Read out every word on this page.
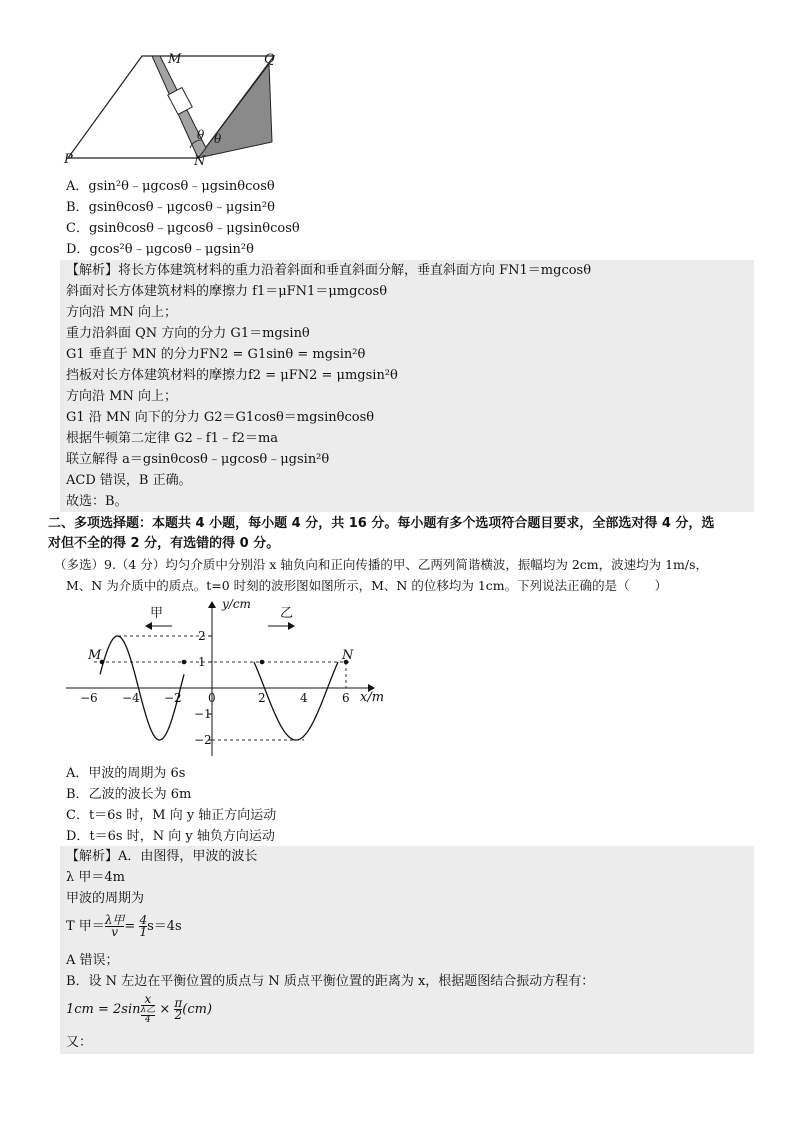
M	Q
P	N
θ θ
A．gsin²θ﹣μgcosθ﹣μgsinθcosθ
B．gsinθcosθ﹣μgcosθ﹣μgsin²θ
C．gsinθcosθ﹣μgcosθ﹣μgsinθcosθ
D．gcos²θ﹣μgcosθ﹣μgsin²θ
【解析】将长方体建筑材料的重力沿着斜面和垂直斜面分解，垂直斜面方向 FN1＝mgcosθ
斜面对长方体建筑材料的摩擦力 f1＝μFN1＝μmgcosθ
方向沿 MN 向上；
重力沿斜面 QN 方向的分力 G1＝mgsinθ
G1 垂直于 MN 的分力FN2 = G1sinθ = mgsin²θ
挡板对长方体建筑材料的摩擦力f2 = μFN2 = μmgsin²θ
方向沿 MN 向上；
G1 沿 MN 向下的分力 G2＝G1cosθ＝mgsinθcosθ
根据牛顿第二定律 G2﹣f1﹣f2＝ma
联立解得 a＝gsinθcosθ﹣μgcosθ﹣μgsin²θ
ACD 错误，B 正确。
故选：B。
二、多项选择题：本题共 4 小题，每小题 4 分，共 16 分。每小题有多个选项符合题目要求，全部选对得 4 分，选
对但不全的得 2 分，有选错的得 0 分。
（多选）9.（4 分）均匀介质中分别沿 x 轴负向和正向传播的甲、乙两列简谐横波，振幅均为 2cm，波速均为 1m/s，
M、N 为介质中的质点。t=0 时刻的波形图如图所示，M、N 的位移均为 1cm。下列说法正确的是（　　）
y/cm
x/m
甲	乙
M	N
−6 −4 −2 0	2	4	6
2
1
−1
−2
A．甲波的周期为 6s
B．乙波的波长为 6m
C．t＝6s 时，M 向 y 轴正方向运动
D．t＝6s 时，N 向 y 轴负方向运动
【解析】A．由图得，甲波的波长
λ 甲＝4m
甲波的周期为
T 甲＝ $\frac{\text{λ甲}}{v} = \frac{4}{1} s=4s$
A 错误；
B．设 N 左边在平衡位置的质点与 N 质点平衡位置的距离为 x，根据题图结合振动方程有：
1cm = 2sin
x
λ乙
4
× $\frac{\pi}{2} (cm)$
又：
